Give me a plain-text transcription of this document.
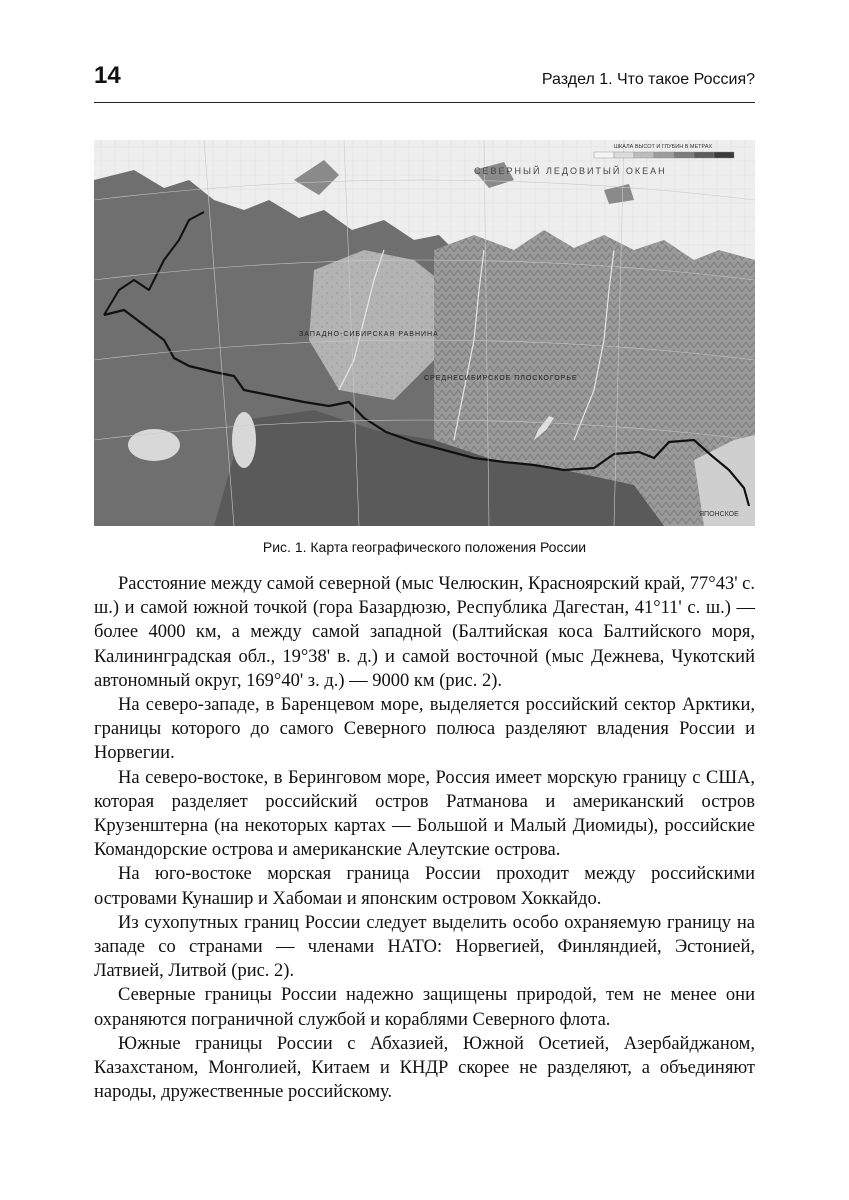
14	Раздел 1. Что такое Россия?
СЕВЕРНЫЙ ЛЕДОВИТЫЙ ОКЕАН
ЗАПАДНО-СИБИРСКАЯ РАВНИНА
СРЕДНЕСИБИРСКОЕ ПЛОСКОГОРЬЕ
ЯПОНСКОЕ
ШКАЛА ВЫСОТ И ГЛУБИН В МЕТРАХ
Рис. 1. Карта географического положения России

Расстояние между самой северной (мыс Челюскин, Красноярский край, 77°43' с. ш.) и самой южной точкой (гора Базардюзю, Республика Дагестан, 41°11' с. ш.) — более 4000 км, а между самой западной (Балтийская коса Балтийского моря, Калининградская обл., 19°38' в. д.) и самой восточной (мыс Дежнева, Чукотский автономный округ, 169°40' з. д.) — 9000 км (рис. 2).

На северо-западе, в Баренцевом море, выделяется российский сектор Арктики, границы которого до самого Северного полюса разделяют владения России и Норвегии.

На северо-востоке, в Беринговом море, Россия имеет морскую границу с США, которая разделяет российский остров Ратманова и американский остров Крузенштерна (на некоторых картах — Большой и Малый Диомиды), российские Командорские острова и американские Алеутские острова.

На юго-востоке морская граница России проходит между российскими островами Кунашир и Хабомаи и японским островом Хоккайдо.

Из сухопутных границ России следует выделить особо охраняемую границу на западе со странами — членами НАТО: Норвегией, Финляндией, Эстонией, Латвией, Литвой (рис. 2).

Северные границы России надежно защищены природой, тем не менее они охраняются пограничной службой и кораблями Северного флота.

Южные границы России с Абхазией, Южной Осетией, Азербайджаном, Казахстаном, Монголией, Китаем и КНДР скорее не разделяют, а объединяют народы, дружественные российскому.
